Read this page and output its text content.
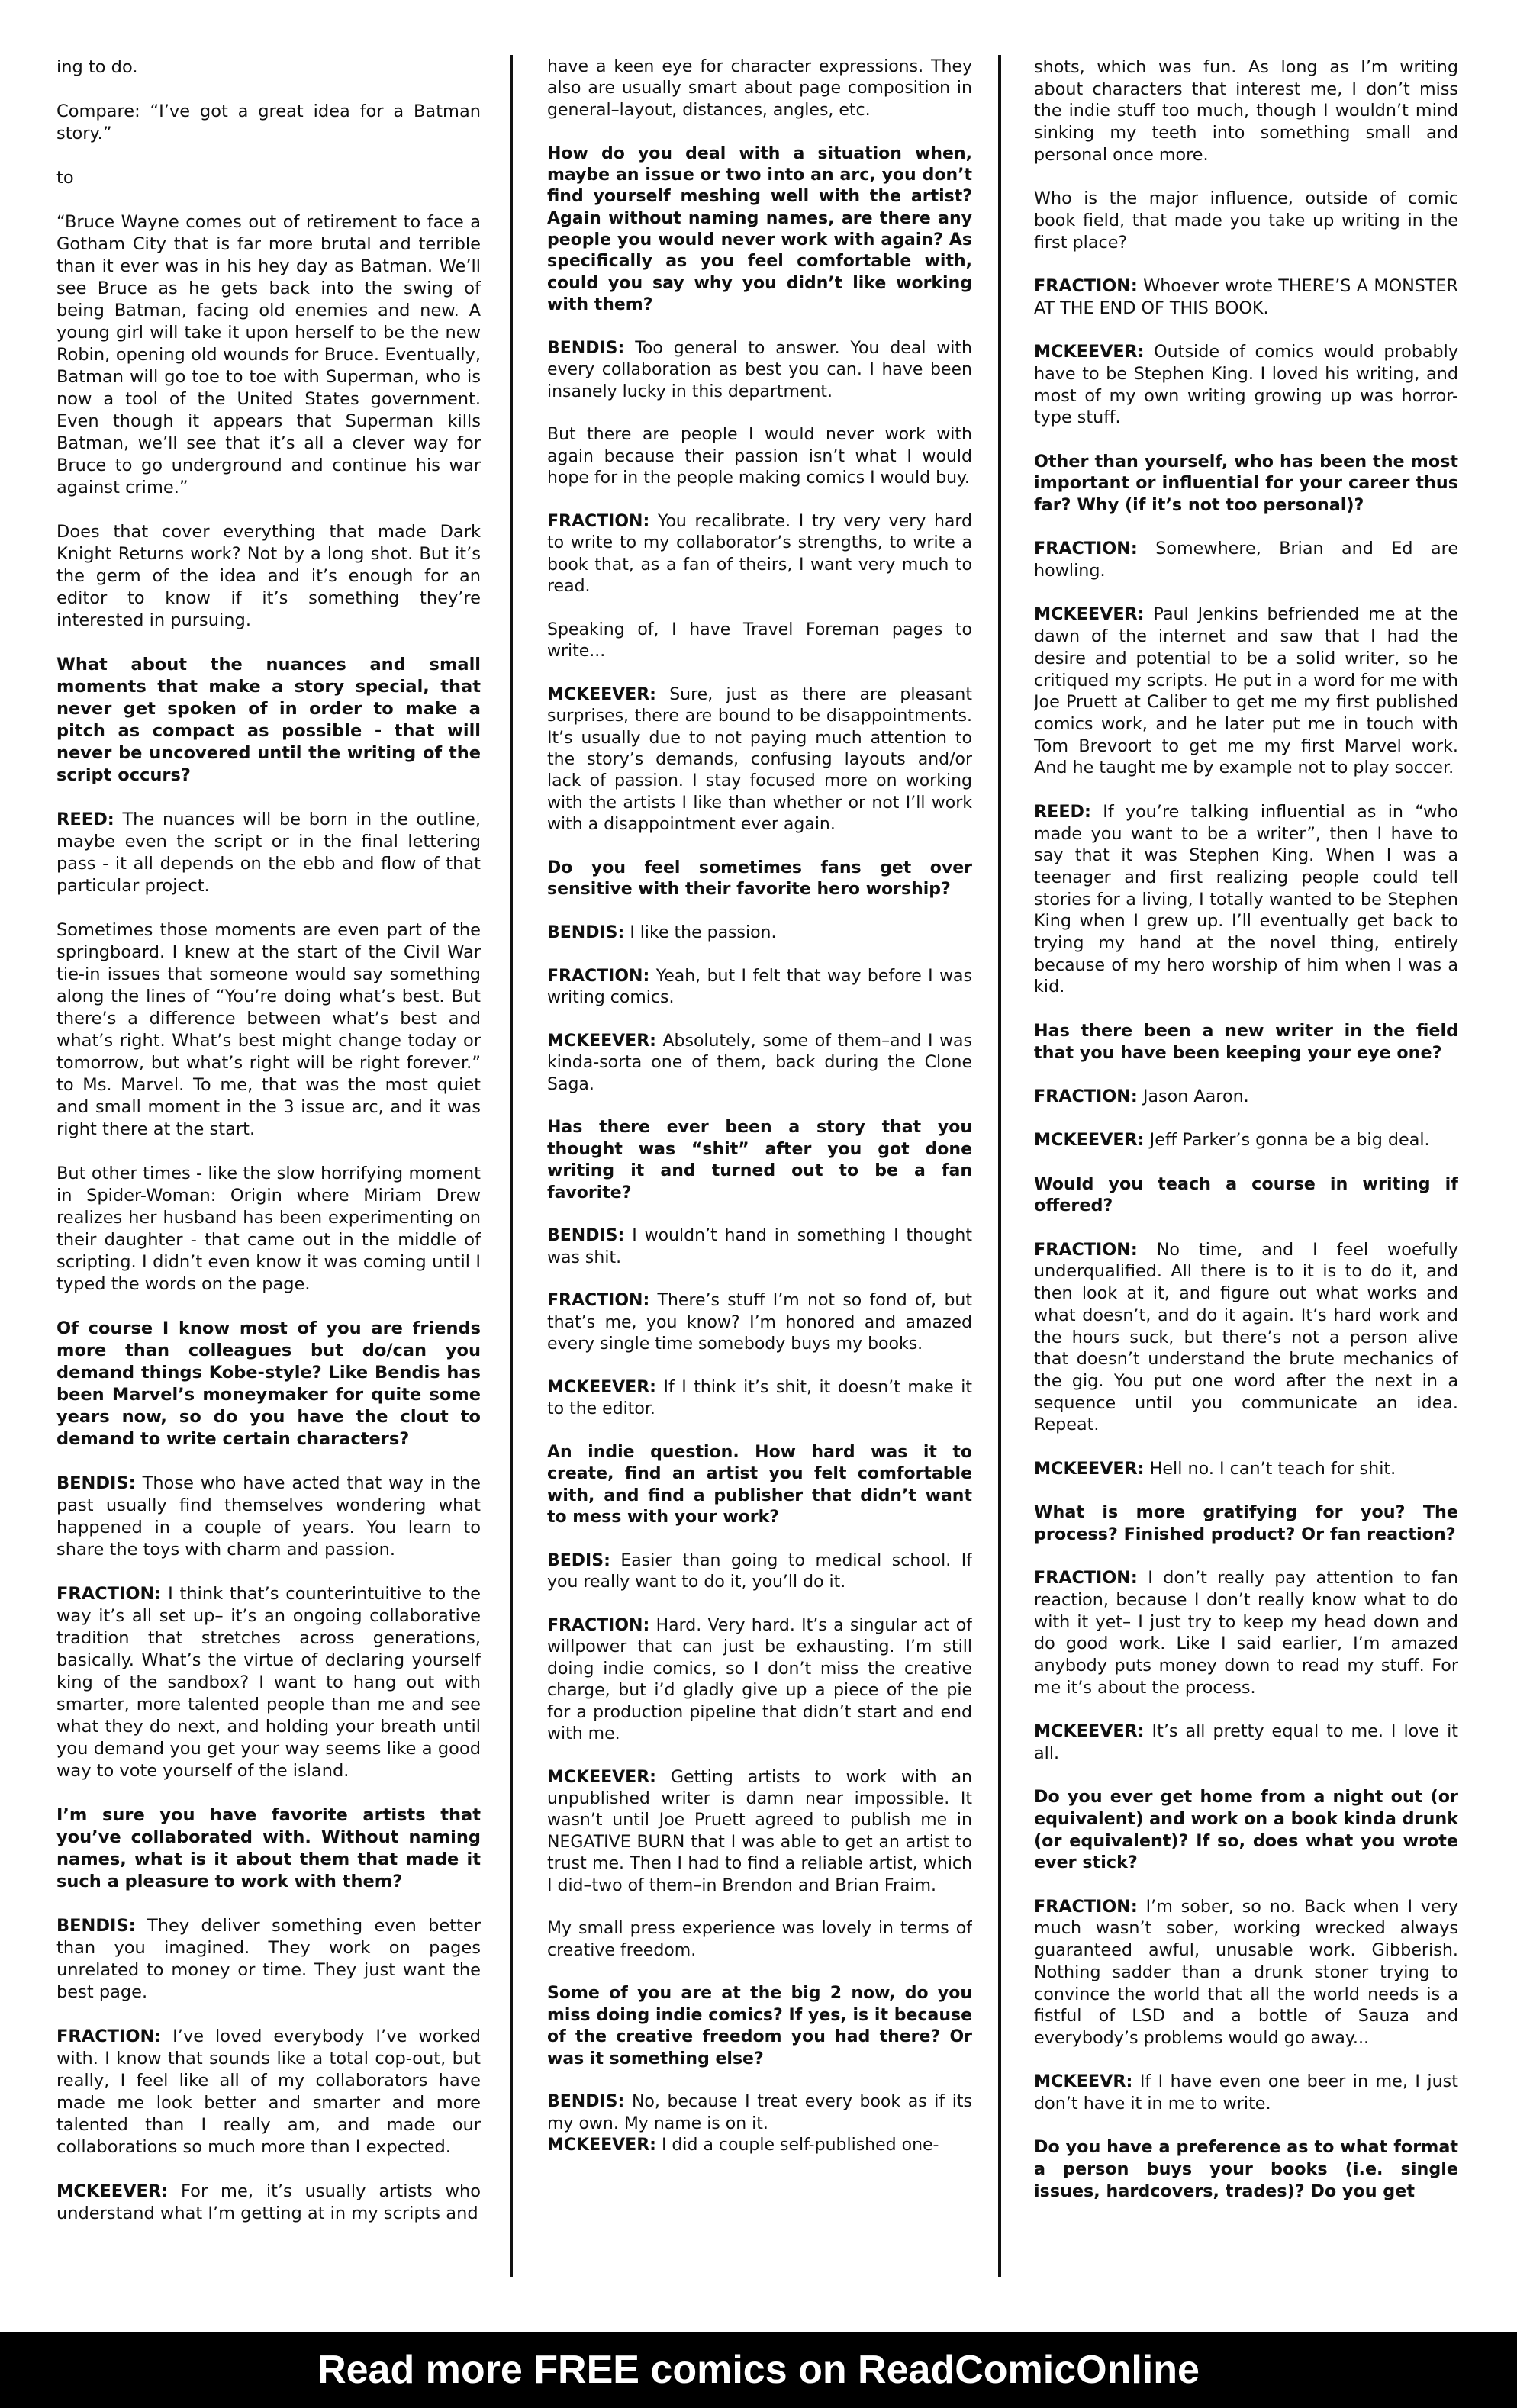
ing to do.

Compare: “I’ve got a great idea for a Batman story.”

to

“Bruce Wayne comes out of retirement to face a Gotham City that is far more brutal and terrible than it ever was in his hey day as Batman. We’ll see Bruce as he gets back into the swing of being Batman, facing old enemies and new. A young girl will take it upon herself to be the new Robin, opening old wounds for Bruce. Eventually, Batman will go toe to toe with Superman, who is now a tool of the United States government. Even though it appears that Superman kills Batman, we’ll see that it’s all a clever way for Bruce to go underground and continue his war against crime.”

Does that cover everything that made Dark Knight Returns work? Not by a long shot. But it’s the germ of the idea and it’s enough for an editor to know if it’s something they’re interested in pursuing.

What about the nuances and small moments that make a story special, that never get spoken of in order to make a pitch as compact as possible - that will never be uncovered until the writing of the script occurs?

REED: The nuances will be born in the outline, maybe even the script or in the final lettering pass - it all depends on the ebb and flow of that particular project.

Sometimes those moments are even part of the springboard. I knew at the start of the Civil War tie-in issues that someone would say something along the lines of “You’re doing what’s best. But there’s a difference between what’s best and what’s right. What’s best might change today or tomorrow, but what’s right will be right forever.” to Ms. Marvel. To me, that was the most quiet and small moment in the 3 issue arc, and it was right there at the start.

But other times - like the slow horrifying moment in Spider-Woman: Origin where Miriam Drew realizes her husband has been experimenting on their daughter - that came out in the middle of scripting. I didn’t even know it was coming until I typed the words on the page.

Of course I know most of you are friends more than colleagues but do/can you demand things Kobe-style? Like Bendis has been Marvel’s moneymaker for quite some years now, so do you have the clout to demand to write certain characters?

BENDIS: Those who have acted that way in the past usually find themselves wondering what happened in a couple of years. You learn to share the toys with charm and passion.

FRACTION: I think that’s counterintuitive to the way it’s all set up– it’s an ongoing collaborative tradition that stretches across generations, basically. What’s the virtue of declaring yourself king of the sandbox? I want to hang out with smarter, more talented people than me and see what they do next, and holding your breath until you demand you get your way seems like a good way to vote yourself of the island.

I’m sure you have favorite artists that you’ve collaborated with. Without naming names, what is it about them that made it such a pleasure to work with them?

BENDIS: They deliver something even better than you imagined. They work on pages unrelated to money or time. They just want the best page.

FRACTION: I’ve loved everybody I’ve worked with. I know that sounds like a total cop-out, but really, I feel like all of my collaborators have made me look better and smarter and more talented than I really am, and made our collaborations so much more than I expected.

MCKEEVER: For me, it’s usually artists who understand what I’m getting at in my scripts and

have a keen eye for character expressions. They also are usually smart about page composition in general–layout, distances, angles, etc.

How do you deal with a situation when, maybe an issue or two into an arc, you don’t find yourself meshing well with the artist? Again without naming names, are there any people you would never work with again? As specifically as you feel comfortable with, could you say why you didn’t like working with them?

BENDIS: Too general to answer. You deal with every collaboration as best you can. I have been insanely lucky in this department.

But there are people I would never work with again because their passion isn’t what I would hope for in the people making comics I would buy.

FRACTION: You recalibrate. I try very very hard to write to my collaborator’s strengths, to write a book that, as a fan of theirs, I want very much to read.

Speaking of, I have Travel Foreman pages to write...

MCKEEVER: Sure, just as there are pleasant surprises, there are bound to be disappointments. It’s usually due to not paying much attention to the story’s demands, confusing layouts and/or lack of passion. I stay focused more on working with the artists I like than whether or not I’ll work with a disappointment ever again.

Do you feel sometimes fans get over sensitive with their favorite hero worship?

BENDIS: I like the passion.

FRACTION: Yeah, but I felt that way before I was writing comics.

MCKEEVER: Absolutely, some of them–and I was kinda-sorta one of them, back during the Clone Saga.

Has there ever been a story that you thought was “shit” after you got done writing it and turned out to be a fan favorite?

BENDIS: I wouldn’t hand in something I thought was shit.

FRACTION: There’s stuff I’m not so fond of, but that’s me, you know? I’m honored and amazed every single time somebody buys my books.

MCKEEVER: If I think it’s shit, it doesn’t make it to the editor.

An indie question. How hard was it to create, find an artist you felt comfortable with, and find a publisher that didn’t want to mess with your work?

BEDIS: Easier than going to medical school. If you really want to do it, you’ll do it.

FRACTION: Hard. Very hard. It’s a singular act of willpower that can just be exhausting. I’m still doing indie comics, so I don’t miss the creative charge, but i’d gladly give up a piece of the pie for a production pipeline that didn’t start and end with me.

MCKEEVER: Getting artists to work with an unpublished writer is damn near impossible. It wasn’t until Joe Pruett agreed to publish me in NEGATIVE BURN that I was able to get an artist to trust me. Then I had to find a reliable artist, which I did–two of them–in Brendon and Brian Fraim.

My small press experience was lovely in terms of creative freedom.

Some of you are at the big 2 now, do you miss doing indie comics? If yes, is it because of the creative freedom you had there? Or was it something else?

BENDIS: No, because I treat every book as if its my own. My name is on it.

MCKEEVER: I did a couple self-published one-

shots, which was fun. As long as I’m writing about characters that interest me, I don’t miss the indie stuff too much, though I wouldn’t mind sinking my teeth into something small and personal once more.

Who is the major influence, outside of comic book field, that made you take up writing in the first place?

FRACTION: Whoever wrote THERE’S A MONSTER AT THE END OF THIS BOOK.

MCKEEVER: Outside of comics would probably have to be Stephen King. I loved his writing, and most of my own writing growing up was horror-type stuff.

Other than yourself, who has been the most important or influential for your career thus far? Why (if it’s not too personal)?

FRACTION: Somewhere, Brian and Ed are howling.

MCKEEVER: Paul Jenkins befriended me at the dawn of the internet and saw that I had the desire and potential to be a solid writer, so he critiqued my scripts. He put in a word for me with Joe Pruett at Caliber to get me my first published comics work, and he later put me in touch with Tom Brevoort to get me my first Marvel work. And he taught me by example not to play soccer.

REED: If you’re talking influential as in “who made you want to be a writer”, then I have to say that it was Stephen King. When I was a teenager and first realizing people could tell stories for a living, I totally wanted to be Stephen King when I grew up. I’ll eventually get back to trying my hand at the novel thing, entirely because of my hero worship of him when I was a kid.

Has there been a new writer in the field that you have been keeping your eye one?

FRACTION: Jason Aaron.

MCKEEVER: Jeff Parker’s gonna be a big deal.

Would you teach a course in writing if offered?

FRACTION: No time, and I feel woefully underqualified. All there is to it is to do it, and then look at it, and figure out what works and what doesn’t, and do it again. It’s hard work and the hours suck, but there’s not a person alive that doesn’t understand the brute mechanics of the gig. You put one word after the next in a sequence until you communicate an idea. Repeat.

MCKEEVER: Hell no. I can’t teach for shit.

What is more gratifying for you? The process? Finished product? Or fan reaction?

FRACTION: I don’t really pay attention to fan reaction, because I don’t really know what to do with it yet– I just try to keep my head down and do good work. Like I said earlier, I’m amazed anybody puts money down to read my stuff. For me it’s about the process.

MCKEEVER: It’s all pretty equal to me. I love it all.

Do you ever get home from a night out (or equivalent) and work on a book kinda drunk (or equivalent)? If so, does what you wrote ever stick?

FRACTION: I’m sober, so no. Back when I very much wasn’t sober, working wrecked always guaranteed awful, unusable work. Gibberish. Nothing sadder than a drunk stoner trying to convince the world that all the world needs is a fistful of LSD and a bottle of Sauza and everybody’s problems would go away...

MCKEEVR: If I have even one beer in me, I just don’t have it in me to write.

Do you have a preference as to what format a person buys your books (i.e. single issues, hardcovers, trades)? Do you get

Read more FREE comics on ReadComicOnline
